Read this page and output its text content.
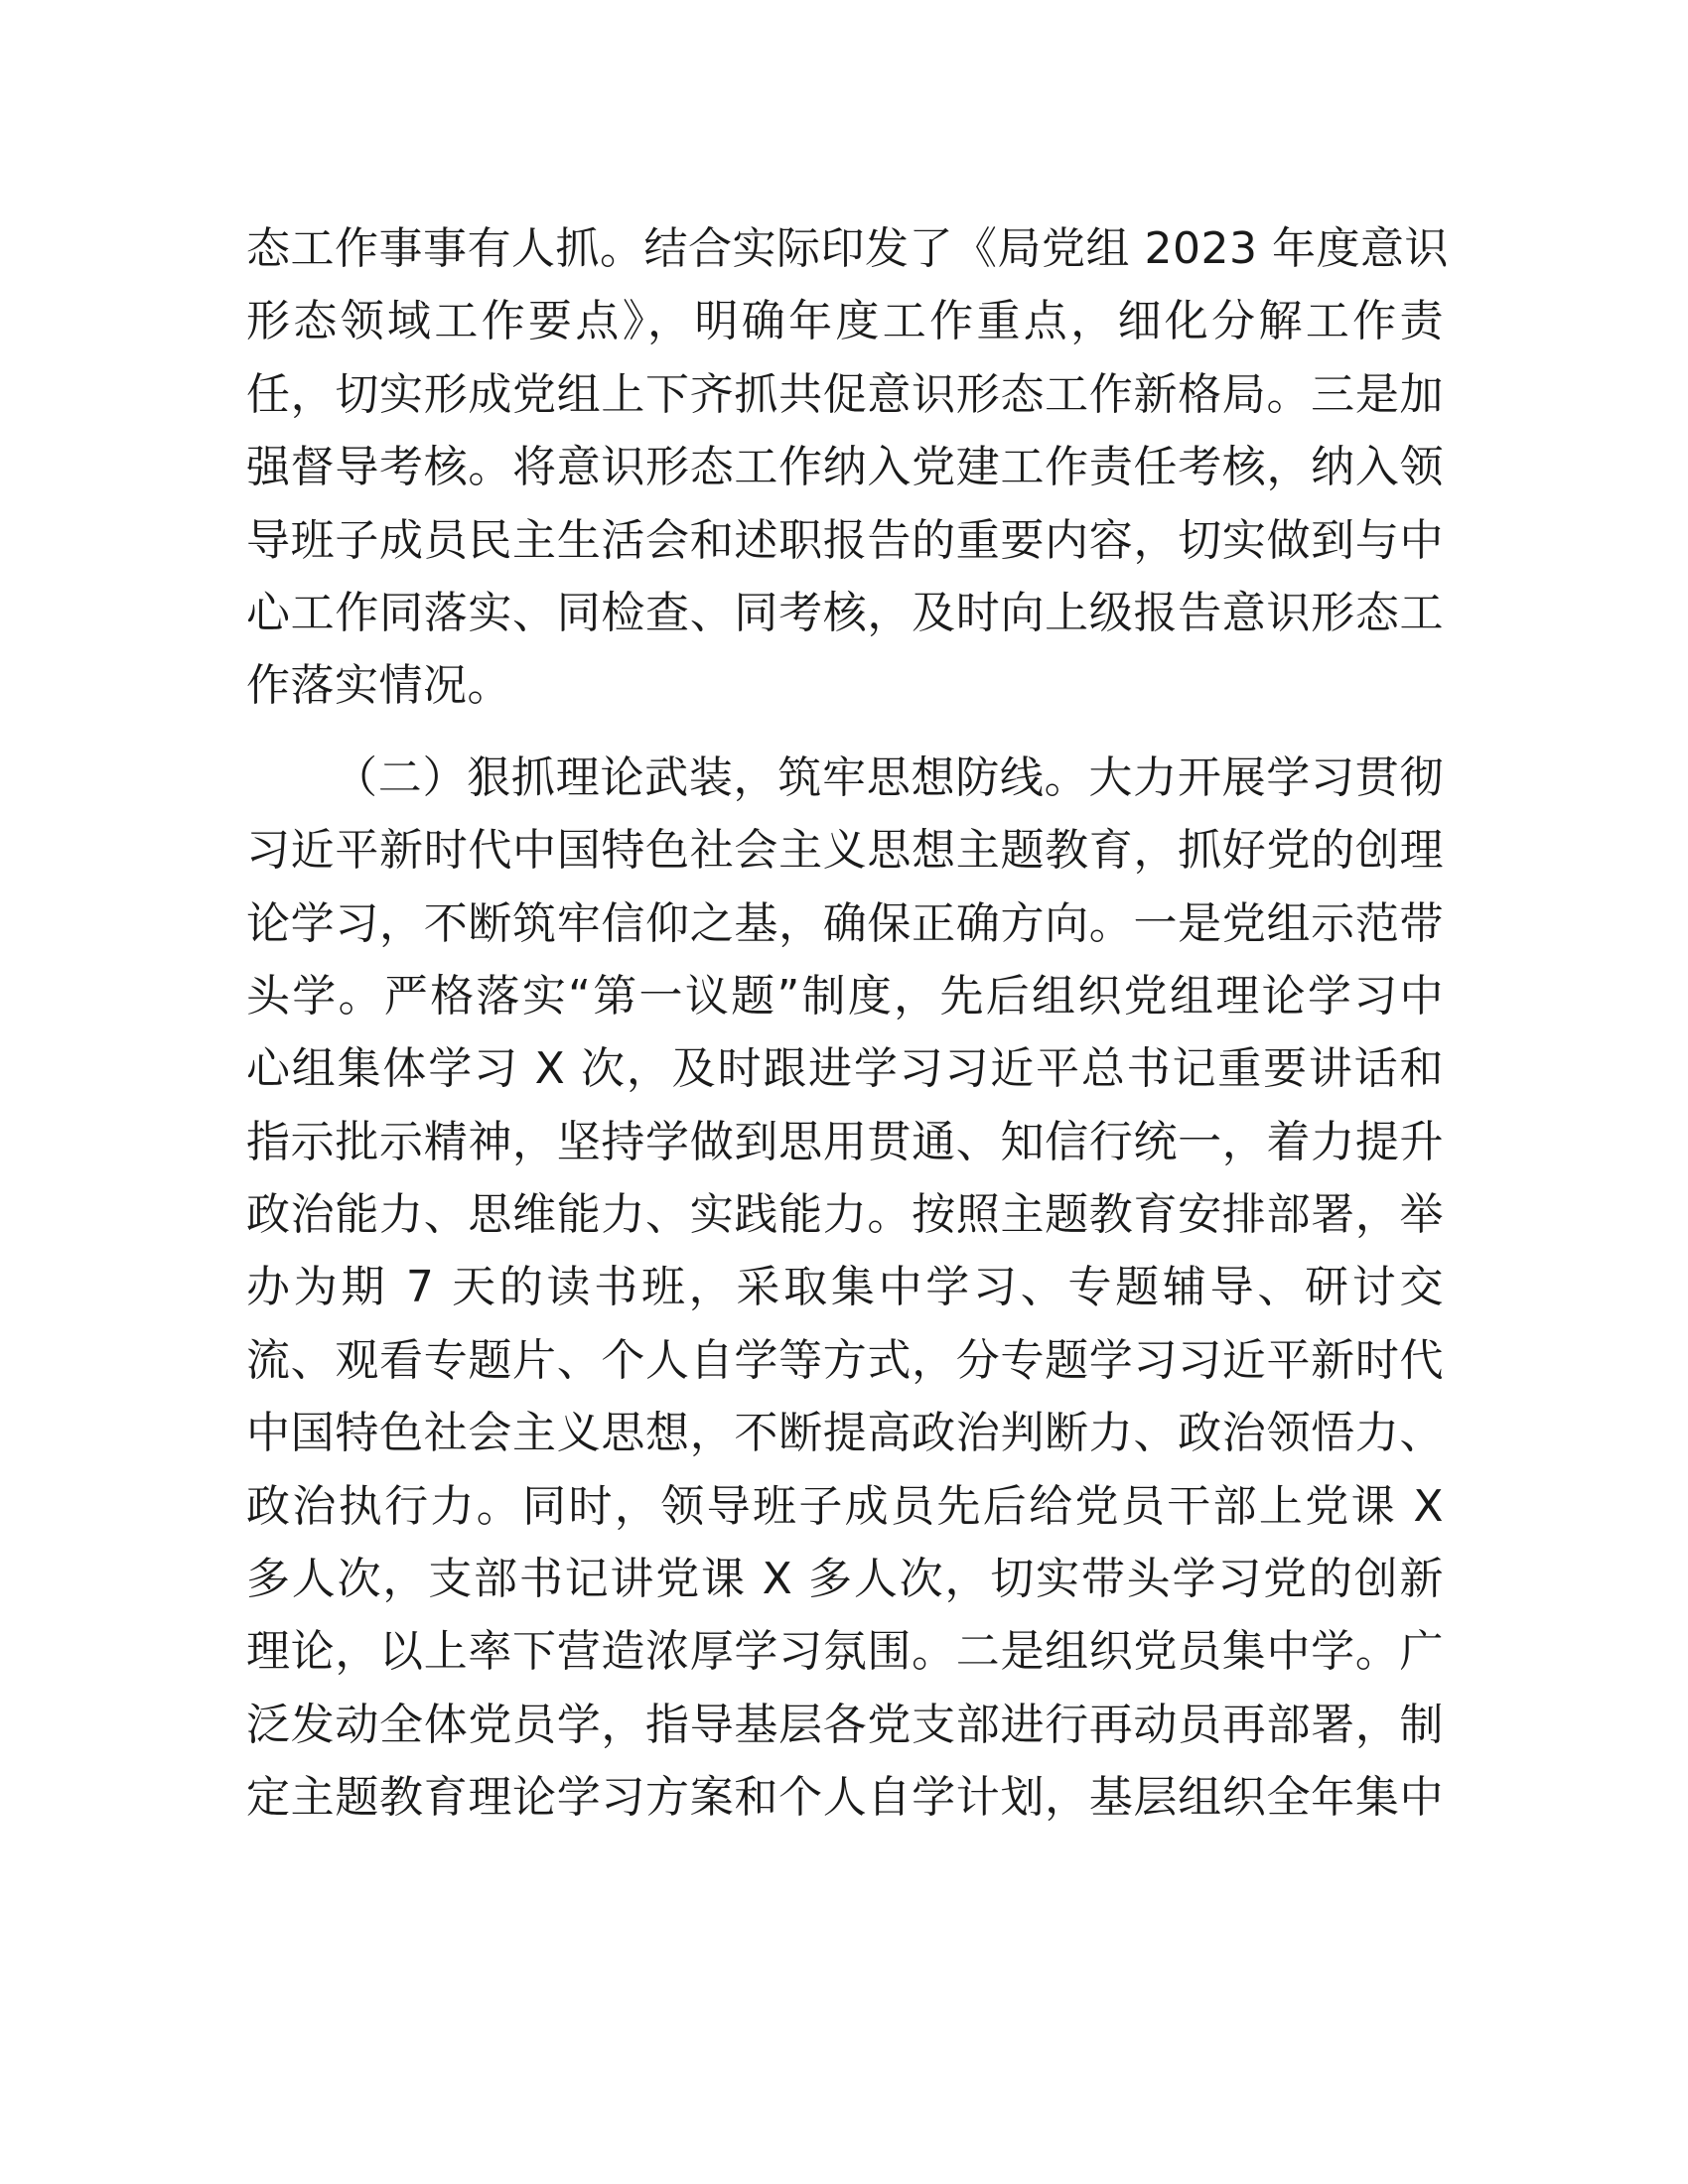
态工作事事有人抓。结合实际印发了《局党组 2023 年度意识
形态领域工作要点》，明确年度工作重点，细化分解工作责
任，切实形成党组上下齐抓共促意识形态工作新格局。三是加
强督导考核。将意识形态工作纳入党建工作责任考核，纳入领
导班子成员民主生活会和述职报告的重要内容，切实做到与中
心工作同落实、同检查、同考核，及时向上级报告意识形态工
作落实情况。
（二）狠抓理论武装，筑牢思想防线。大力开展学习贯彻
习近平新时代中国特色社会主义思想主题教育，抓好党的创理
论学习，不断筑牢信仰之基，确保正确方向。一是党组示范带
头学。严格落实“第一议题”制度，先后组织党组理论学习中
心组集体学习 X 次，及时跟进学习习近平总书记重要讲话和
指示批示精神，坚持学做到思用贯通、知信行统一，着力提升
政治能力、思维能力、实践能力。按照主题教育安排部署，举
办为期 7 天的读书班，采取集中学习、专题辅导、研讨交
流、观看专题片、个人自学等方式，分专题学习习近平新时代
中国特色社会主义思想，不断提高政治判断力、政治领悟力、
政治执行力。同时，领导班子成员先后给党员干部上党课 X
多人次，支部书记讲党课 X 多人次，切实带头学习党的创新
理论，以上率下营造浓厚学习氛围。二是组织党员集中学。广
泛发动全体党员学，指导基层各党支部进行再动员再部署，制
定主题教育理论学习方案和个人自学计划，基层组织全年集中
